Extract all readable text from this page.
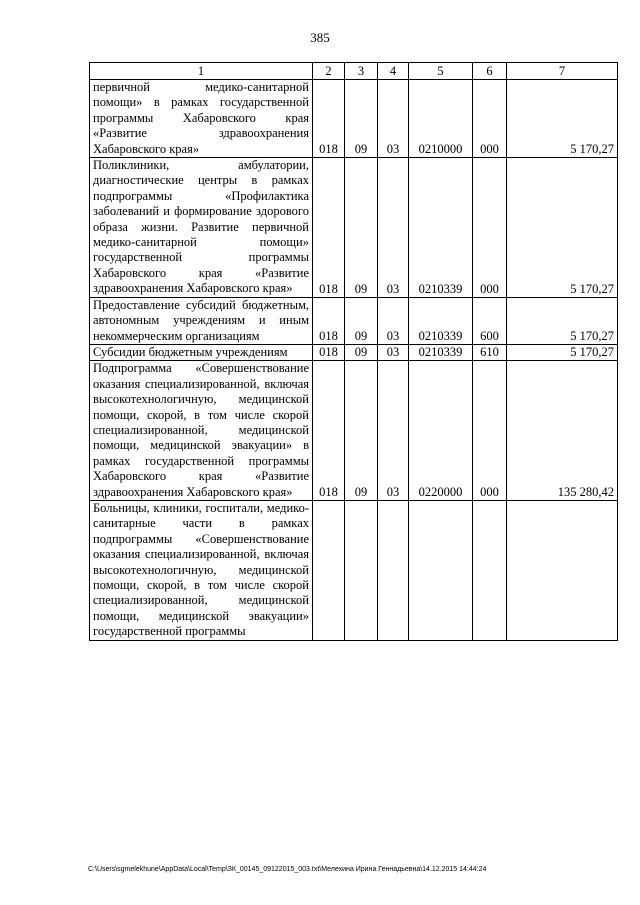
385
1	2	3	4	5	6	7
первичной медико-санитарной помощи» в рамках государственной программы Хабаровского края «Развитие здравоохранения Хабаровского края»	018	09	03	0210000	000	5 170,27
Поликлиники, амбулатории, диагностические центры в рамках подпрограммы «Профилактика заболеваний и формирование здорового образа жизни. Развитие первичной медико-санитарной помощи» государственной программы Хабаровского края «Развитие здравоохранения Хабаровского края»	018	09	03	0210339	000	5 170,27
Предоставление субсидий бюджетным, автономным учреждениям и иным некоммерческим организациям	018	09	03	0210339	600	5 170,27
Субсидии бюджетным учреждениям	018	09	03	0210339	610	5 170,27
Подпрограмма «Совершенствование оказания специализированной, включая высокотехнологичную, медицинской помощи, скорой, в том числе скорой специализированной, медицинской помощи, медицинской эвакуации» в рамках государственной программы Хабаровского края «Развитие здравоохранения Хабаровского края»	018	09	03	0220000	000	135 280,42
Больницы, клиники, госпитали, медико-санитарные части в рамках подпрограммы «Совершенствование оказания специализированной, включая высокотехнологичную, медицинской помощи, скорой, в том числе скорой специализированной, медицинской помощи, медицинской эвакуации» государственной программы						
C:\Users\sgmelekhune\AppData\Local\Temp\ЗК_00145_09122015_003.txt\Мелехина Ирина Геннадьевна\14.12.2015 14:44:24
